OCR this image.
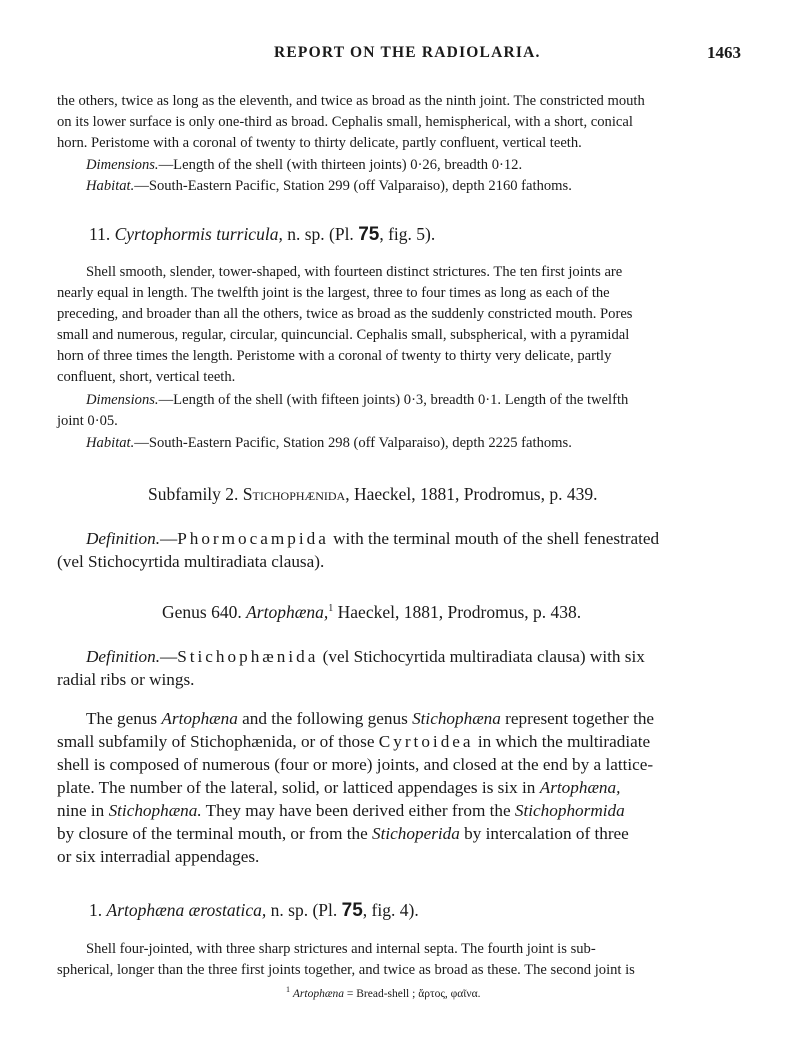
REPORT ON THE RADIOLARIA.	1463
the others, twice as long as the eleventh, and twice as broad as the ninth joint. The constricted mouth
on its lower surface is only one-third as broad. Cephalis small, hemispherical, with a short, conical
horn. Peristome with a coronal of twenty to thirty delicate, partly confluent, vertical teeth.
Dimensions.—Length of the shell (with thirteen joints) 0·26, breadth 0·12.
Habitat.—South-Eastern Pacific, Station 299 (off Valparaiso), depth 2160 fathoms.
11. Cyrtophormis turricula, n. sp. (Pl. 75, fig. 5).
Shell smooth, slender, tower-shaped, with fourteen distinct strictures. The ten first joints are
nearly equal in length. The twelfth joint is the largest, three to four times as long as each of the
preceding, and broader than all the others, twice as broad as the suddenly constricted mouth. Pores
small and numerous, regular, circular, quincuncial. Cephalis small, subspherical, with a pyramidal
horn of three times the length. Peristome with a coronal of twenty to thirty very delicate, partly
confluent, short, vertical teeth.
Dimensions.—Length of the shell (with fifteen joints) 0·3, breadth 0·1. Length of the twelfth
joint 0·05.
Habitat.—South-Eastern Pacific, Station 298 (off Valparaiso), depth 2225 fathoms.
Subfamily 2. Stichophænida, Haeckel, 1881, Prodromus, p. 439.
Definition.—Phormocampida with the terminal mouth of the shell fenestrated
(vel Stichocyrtida multiradiata clausa).
Genus 640. Artophæna,$^1$ Haeckel, 1881, Prodromus, p. 438.
Definition.—Stichophænida (vel Stichocyrtida multiradiata clausa) with six
radial ribs or wings.
The genus Artophæna and the following genus Stichophæna represent together the
small subfamily of Stichophænida, or of those Cyrtoidea in which the multiradiate
shell is composed of numerous (four or more) joints, and closed at the end by a lattice-
plate. The number of the lateral, solid, or latticed appendages is six in Artophæna,
nine in Stichophæna. They may have been derived either from the Stichophormida
by closure of the terminal mouth, or from the Stichoperida by intercalation of three
or six interradial appendages.
1. Artophæna ærostatica, n. sp. (Pl. 75, fig. 4).
Shell four-jointed, with three sharp strictures and internal septa. The fourth joint is sub-
spherical, longer than the three first joints together, and twice as broad as these. The second joint is
$^1$ Artophæna = Bread-shell ; ἄρτος, φαῖνα.
